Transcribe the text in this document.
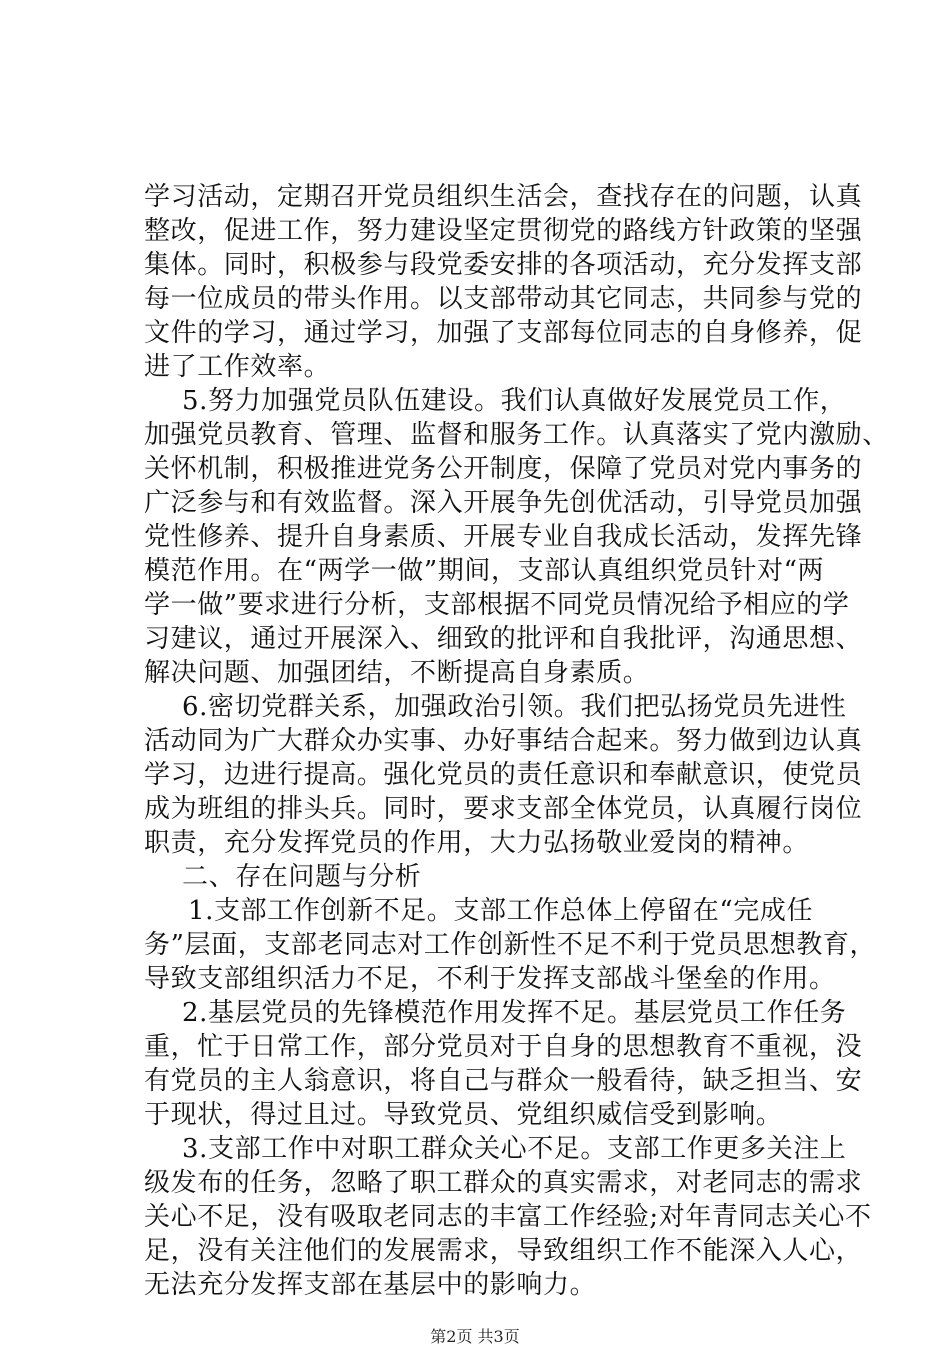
学习活动，定期召开党员组织生活会，查找存在的问题，认真
整改，促进工作，努力建设坚定贯彻党的路线方针政策的坚强
集体。同时，积极参与段党委安排的各项活动，充分发挥支部
每一位成员的带头作用。以支部带动其它同志，共同参与党的
文件的学习，通过学习，加强了支部每位同志的自身修养，促
进了工作效率。
5.努力加强党员队伍建设。我们认真做好发展党员工作，
加强党员教育、管理、监督和服务工作。认真落实了党内激励、
关怀机制，积极推进党务公开制度，保障了党员对党内事务的
广泛参与和有效监督。深入开展争先创优活动，引导党员加强
党性修养、提升自身素质、开展专业自我成长活动，发挥先锋
模范作用。在“两学一做”期间，支部认真组织党员针对“两
学一做”要求进行分析，支部根据不同党员情况给予相应的学
习建议，通过开展深入、细致的批评和自我批评，沟通思想、
解决问题、加强团结，不断提高自身素质。
6.密切党群关系，加强政治引领。我们把弘扬党员先进性
活动同为广大群众办实事、办好事结合起来。努力做到边认真
学习，边进行提高。强化党员的责任意识和奉献意识，使党员
成为班组的排头兵。同时，要求支部全体党员，认真履行岗位
职责，充分发挥党员的作用，大力弘扬敬业爱岗的精神。
二、存在问题与分析
1.支部工作创新不足。支部工作总体上停留在“完成任
务”层面，支部老同志对工作创新性不足不利于党员思想教育，
导致支部组织活力不足，不利于发挥支部战斗堡垒的作用。
2.基层党员的先锋模范作用发挥不足。基层党员工作任务
重，忙于日常工作，部分党员对于自身的思想教育不重视，没
有党员的主人翁意识，将自己与群众一般看待，缺乏担当、安
于现状，得过且过。导致党员、党组织威信受到影响。
3.支部工作中对职工群众关心不足。支部工作更多关注上
级发布的任务，忽略了职工群众的真实需求，对老同志的需求
关心不足，没有吸取老同志的丰富工作经验;对年青同志关心不
足，没有关注他们的发展需求，导致组织工作不能深入人心，
无法充分发挥支部在基层中的影响力。
第2页 共3页
